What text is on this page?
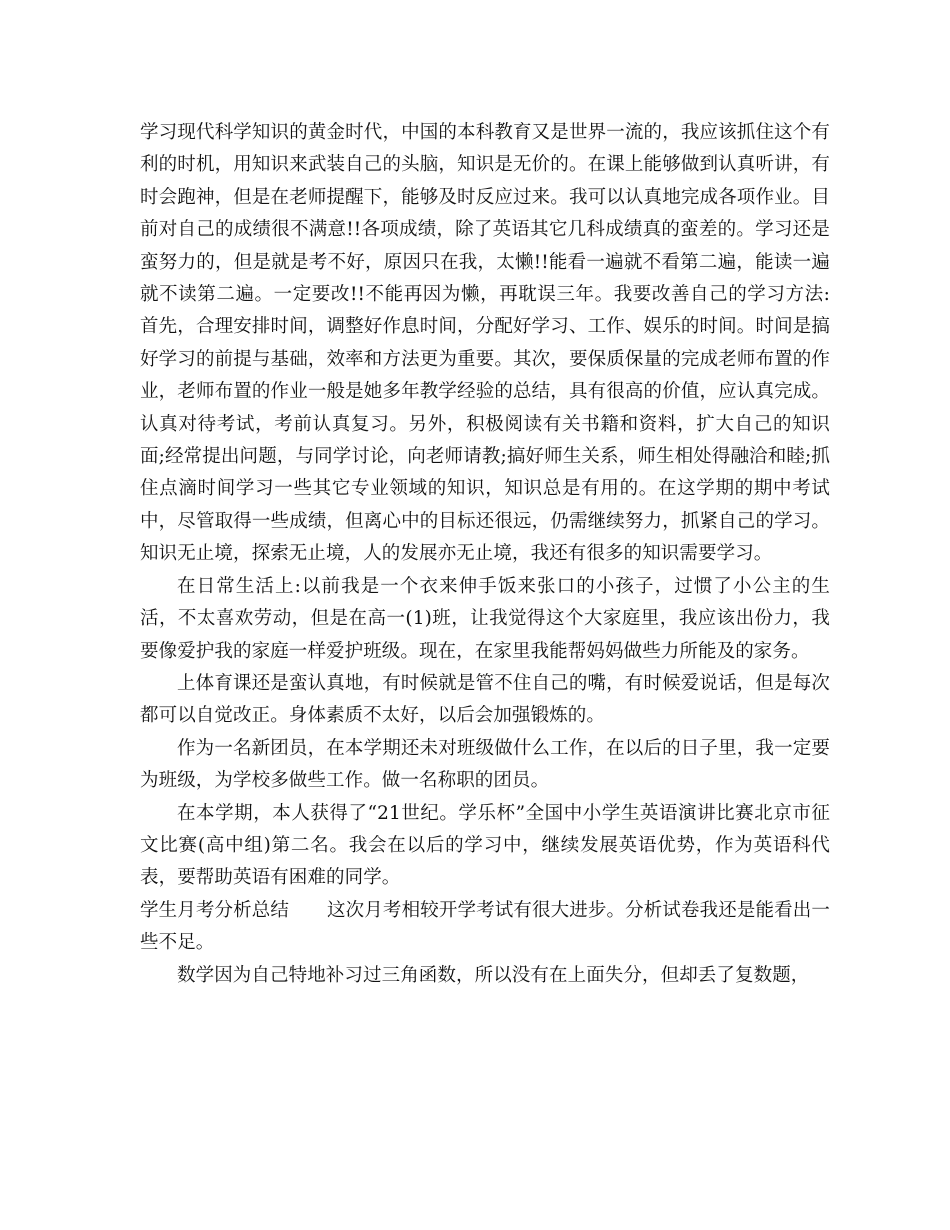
学习现代科学知识的黄金时代，中国的本科教育又是世界一流的，我应该抓住这个有利的时机，用知识来武装自己的头脑，知识是无价的。在课上能够做到认真听讲，有时会跑神，但是在老师提醒下，能够及时反应过来。我可以认真地完成各项作业。目前对自己的成绩很不满意!!各项成绩，除了英语其它几科成绩真的蛮差的。学习还是蛮努力的，但是就是考不好，原因只在我，太懒!!能看一遍就不看第二遍，能读一遍就不读第二遍。一定要改!!不能再因为懒，再耽误三年。我要改善自己的学习方法:首先，合理安排时间，调整好作息时间，分配好学习、工作、娱乐的时间。时间是搞好学习的前提与基础，效率和方法更为重要。其次，要保质保量的完成老师布置的作业，老师布置的作业一般是她多年教学经验的总结，具有很高的价值，应认真完成。认真对待考试，考前认真复习。另外，积极阅读有关书籍和资料，扩大自己的知识面;经常提出问题，与同学讨论，向老师请教;搞好师生关系，师生相处得融洽和睦;抓住点滴时间学习一些其它专业领域的知识，知识总是有用的。在这学期的期中考试中，尽管取得一些成绩，但离心中的目标还很远，仍需继续努力，抓紧自己的学习。知识无止境，探索无止境，人的发展亦无止境，我还有很多的知识需要学习。

在日常生活上:以前我是一个衣来伸手饭来张口的小孩子，过惯了小公主的生活，不太喜欢劳动，但是在高一(1)班，让我觉得这个大家庭里，我应该出份力，我要像爱护我的家庭一样爱护班级。现在，在家里我能帮妈妈做些力所能及的家务。

上体育课还是蛮认真地，有时候就是管不住自己的嘴，有时候爱说话，但是每次都可以自觉改正。身体素质不太好，以后会加强锻炼的。

作为一名新团员，在本学期还未对班级做什么工作，在以后的日子里，我一定要为班级，为学校多做些工作。做一名称职的团员。

在本学期，本人获得了“21世纪。学乐杯”全国中小学生英语演讲比赛北京市征文比赛(高中组)第二名。我会在以后的学习中，继续发展英语优势，作为英语科代表，要帮助英语有困难的同学。

学生月考分析总结 这次月考相较开学考试有很大进步。分析试卷我还是能看出一些不足。

数学因为自己特地补习过三角函数，所以没有在上面失分，但却丢了复数题，
